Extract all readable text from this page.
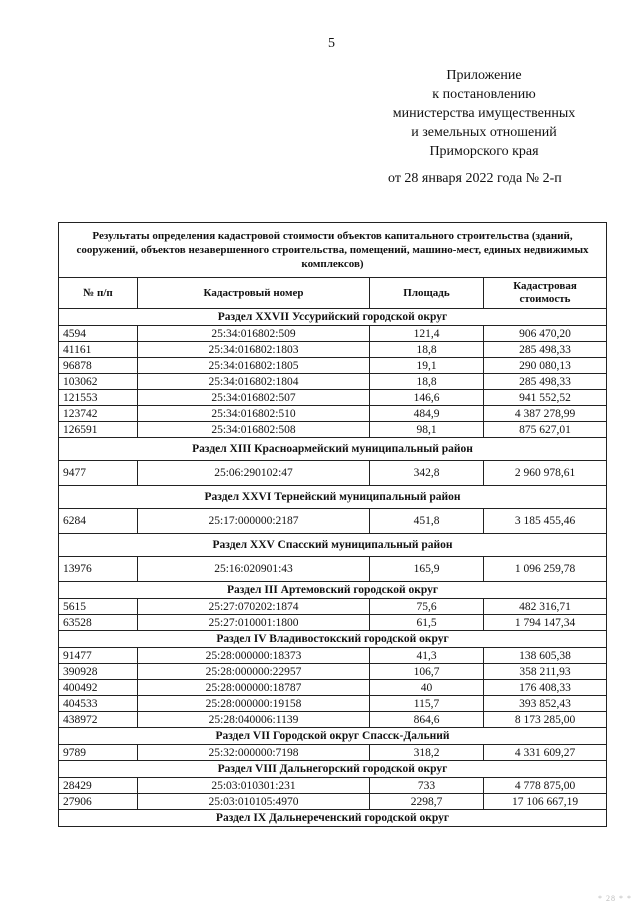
5
Приложение
к постановлению
министерства имущественных
и земельных отношений
Приморского края
от 28 января 2022 года № 2-п
Результаты определения кадастровой стоимости объектов капитального строительства (зданий, сооружений, объектов незавершенного строительства, помещений, машино-мест, единых недвижимых комплексов)			
№ п/п	Кадастровый номер	Площадь	Кадастровая стоимость
Раздел XXVII Уссурийский городской округ			
4594	25:34:016802:509	121,4	906 470,20
41161	25:34:016802:1803	18,8	285 498,33
96878	25:34:016802:1805	19,1	290 080,13
103062	25:34:016802:1804	18,8	285 498,33
121553	25:34:016802:507	146,6	941 552,52
123742	25:34:016802:510	484,9	4 387 278,99
126591	25:34:016802:508	98,1	875 627,01
Раздел XIII Красноармейский муниципальный район			
9477	25:06:290102:47	342,8	2 960 978,61
Раздел XXVI Тернейский муниципальный район			
6284	25:17:000000:2187	451,8	3 185 455,46
Раздел XXV Спасский муниципальный район			
13976	25:16:020901:43	165,9	1 096 259,78
Раздел III Артемовский городской округ			
5615	25:27:070202:1874	75,6	482 316,71
63528	25:27:010001:1800	61,5	1 794 147,34
Раздел IV Владивостокский городской округ			
91477	25:28:000000:18373	41,3	138 605,38
390928	25:28:000000:22957	106,7	358 211,93
400492	25:28:000000:18787	40	176 408,33
404533	25:28:000000:19158	115,7	393 852,43
438972	25:28:040006:1139	864,6	8 173 285,00
Раздел VII Городской округ Спасск-Дальний			
9789	25:32:000000:7198	318,2	4 331 609,27
Раздел VIII Дальнегорский городской округ			
28429	25:03:010301:231	733	4 778 875,00
27906	25:03:010105:4970	2298,7	17 106 667,19
Раздел IX Дальнереченский городской округ			
* 28 * *
